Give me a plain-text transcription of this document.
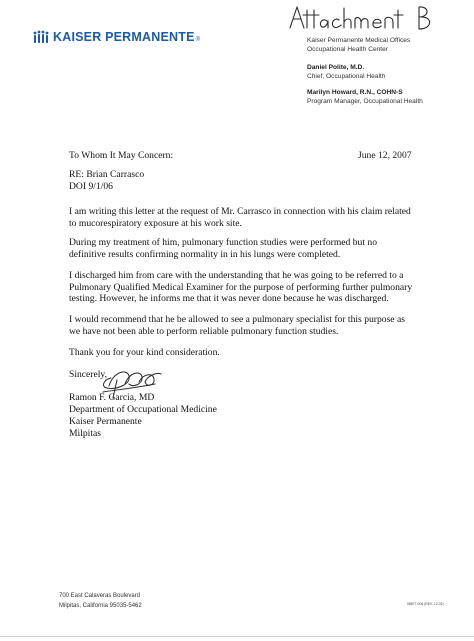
KAISER PERMANENTE ®	Kaiser Permanente Medical Offices
Occupational Health Center
Daniel Polite, M.D.
Chief, Occupational Health
Marilyn Howard, R.N., COHN-S
Program Manager, Occupational Health
To Whom It May Concern:	June 12, 2007
RE: Brian Carrasco
DOI 9/1/06
I am writing this letter at the request of Mr. Carrasco in connection with his claim related
to mucorespiratory exposure at his work site.
During my treatment of him, pulmonary function studies were performed but no
definitive results confirming normality in in his lungs were completed.
I discharged him from care with the understanding that he was going to be referred to a
Pulmonary Qualified Medical Examiner for the purpose of performing further pulmonary
testing. However, he informs me that it was never done because he was discharged.
I would recommend that he be allowed to see a pulmonary specialist for this purpose as
we have not been able to perform reliable pulmonary function studies.
Thank you for your kind consideration.
Sincerely,
Ramon F. Garcia, MD
Department of Occupational Medicine
Kaiser Permanente
Milpitas
700 East Calaveras Boulevard
Milpitas, California 95035-5462	08877-006 (REV. 12-02)
